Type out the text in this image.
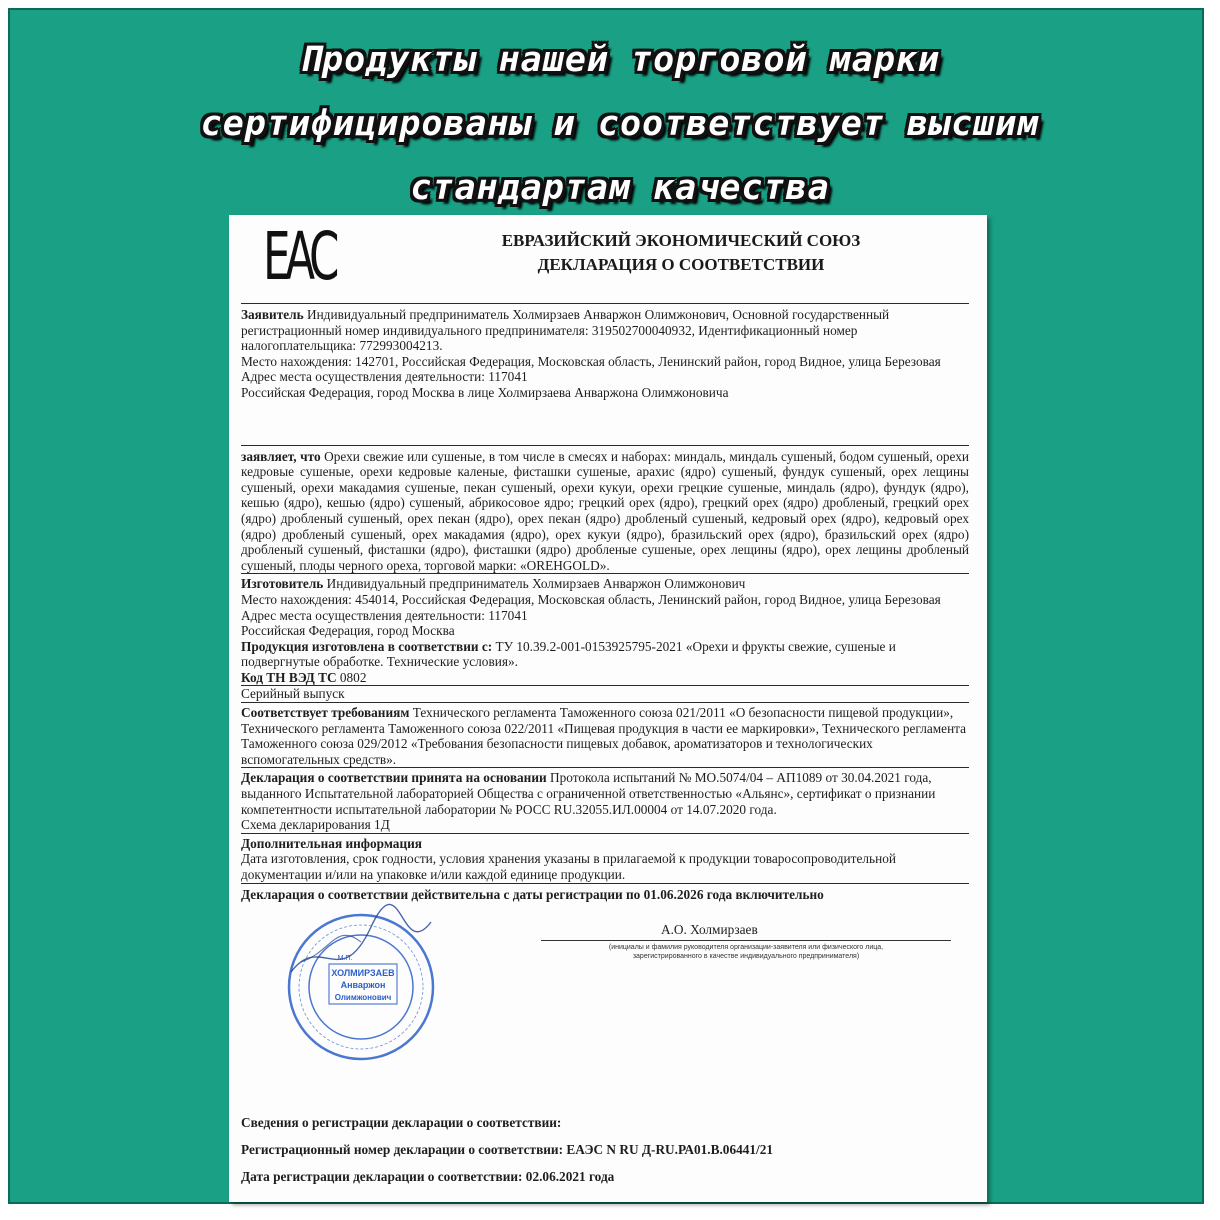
Продукты нашей торговой марки
сертифицированы и соответствует высшим
стандартам качества
EAC	ЕВРАЗИЙСКИЙ ЭКОНОМИЧЕСКИЙ СОЮЗ
ДЕКЛАРАЦИЯ О СООТВЕТСТВИИ

Заявитель Индивидуальный предприниматель Холмирзаев Анваржон Олимжонович, Основной государственный регистрационный номер индивидуального предпринимателя: 319502700040932, Идентификационный номер налогоплательщика: 772993004213.

Место нахождения: 142701, Российская Федерация, Московская область, Ленинский район, город Видное, улица Березовая Адрес места осуществления деятельности: 117041

Российская Федерация, город Москва в лице Холмирзаева Анваржона Олимжоновича

заявляет, что Орехи свежие или сушеные, в том числе в смесях и наборах: миндаль, миндаль сушеный, бодом сушеный, орехи кедровые сушеные, орехи кедровые каленые, фисташки сушеные, арахис (ядро) сушеный, фундук сушеный, орех лещины сушеный, орехи макадамия сушеные, пекан сушеный, орехи кукуи, орехи грецкие сушеные, миндаль (ядро), фундук (ядро), кешью (ядро), кешью (ядро) сушеный, абрикосовое ядро; грецкий орех (ядро), грецкий орех (ядро) дробленый, грецкий орех (ядро) дробленый сушеный, орех пекан (ядро), орех пекан (ядро) дробленый сушеный, кедровый орех (ядро), кедровый орех (ядро) дробленый сушеный, орех макадамия (ядро), орех кукуи (ядро), бразильский орех (ядро), бразильский орех (ядро) дробленый сушеный, фисташки (ядро), фисташки (ядро) дробленые сушеные, орех лещины (ядро), орех лещины дробленый сушеный, плоды черного ореха, торговой марки: «OREHGOLD».

Изготовитель Индивидуальный предприниматель Холмирзаев Анваржон Олимжонович

Место нахождения: 454014, Российская Федерация, Московская область, Ленинский район, город Видное, улица Березовая Адрес места осуществления деятельности: 117041

Российская Федерация, город Москва

Продукция изготовлена в соответствии с: ТУ 10.39.2-001-0153925795-2021 «Орехи и фрукты свежие, сушеные и подвергнутые обработке. Технические условия».

Код ТН ВЭД ТС 0802

Серийный выпуск

Соответствует требованиям Технического регламента Таможенного союза 021/2011 «О безопасности пищевой продукции», Технического регламента Таможенного союза 022/2011 «Пищевая продукция в части ее маркировки», Технического регламента Таможенного союза 029/2012 «Требования безопасности пищевых добавок, ароматизаторов и технологических вспомогательных средств».

Декларация о соответствии принята на основании Протокола испытаний № МО.5074/04 – АП1089 от 30.04.2021 года, выданного Испытательной лабораторией Общества с ограниченной ответственностью «Альянс», сертификат о признании компетентности испытательной лаборатории № РОСС RU.32055.ИЛ.00004 от 14.07.2020 года.

Схема декларирования 1Д

Дополнительная информация

Дата изготовления, срок годности, условия хранения указаны в прилагаемой к продукции товаросопроводительной документации и/или на упаковке и/или каждой единице продукции.

Декларация о соответствии действительна с даты регистрации по 01.06.2026 года включительно

ХОЛМИРЗАЕВ
Анваржон
Олимжонович
М.П.
А.О. Холмирзаев
(инициалы и фамилия руководителя организации-заявителя или физического лица,
зарегистрированного в качестве индивидуального предпринимателя)

Сведения о регистрации декларации о соответствии:

Регистрационный номер декларации о соответствии: ЕАЭС N RU Д-RU.РА01.В.06441/21

Дата регистрации декларации о соответствии: 02.06.2021 года
